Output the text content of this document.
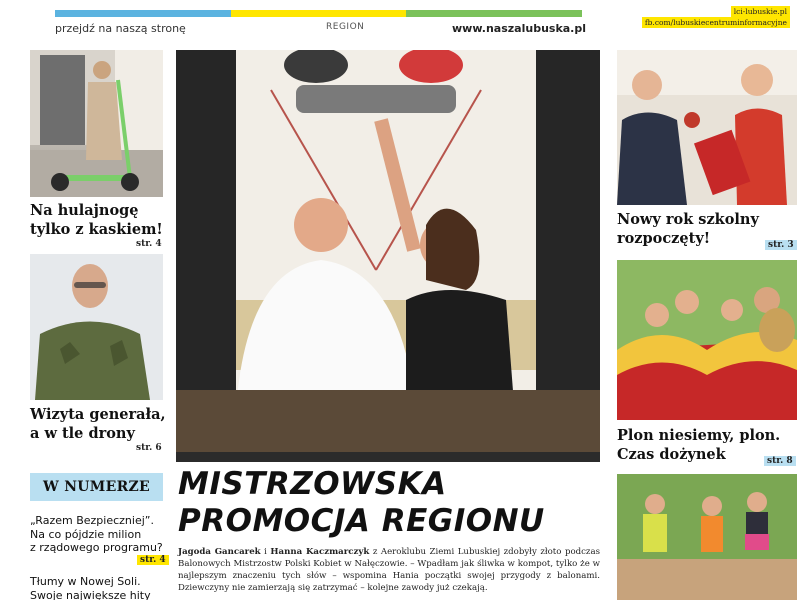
przejdź na naszą stronę	REGION	www.naszalubuska.pl
lci-lubuskie.pl
fb.com/lubuskiecentruminformacyjne
Na hulajnogę
tylko z kaskiem!
str. 4
Wizyta generała,
a w tle drony
str. 6
W NUMERZE
„Razem Bezpieczniej”.
Na co pójdzie milion
z rządowego programu?
str. 4
Tłumy w Nowej Soli.
Swoje największe hity
MISTRZOWSKA
PROMOCJA REGIONU
Jagoda Gancarek i Hanna Kaczmarczyk z Aeroklubu Ziemi Lubuskiej zdobyły złoto podczas Balonowych Mistrzostw Polski Kobiet w Nałęczowie. – Wpadłam jak śliwka w kompot, tylko że w najlepszym znaczeniu tych słów – wspomina Hania początki swojej przygody z balonami. Dziewczyny nie zamierzają się zatrzymać – kolejne zawody już czekają.
Nowy rok szkolny
rozpoczęty!	str. 3
Plon niesiemy, plon.
Czas dożynek	str. 8
